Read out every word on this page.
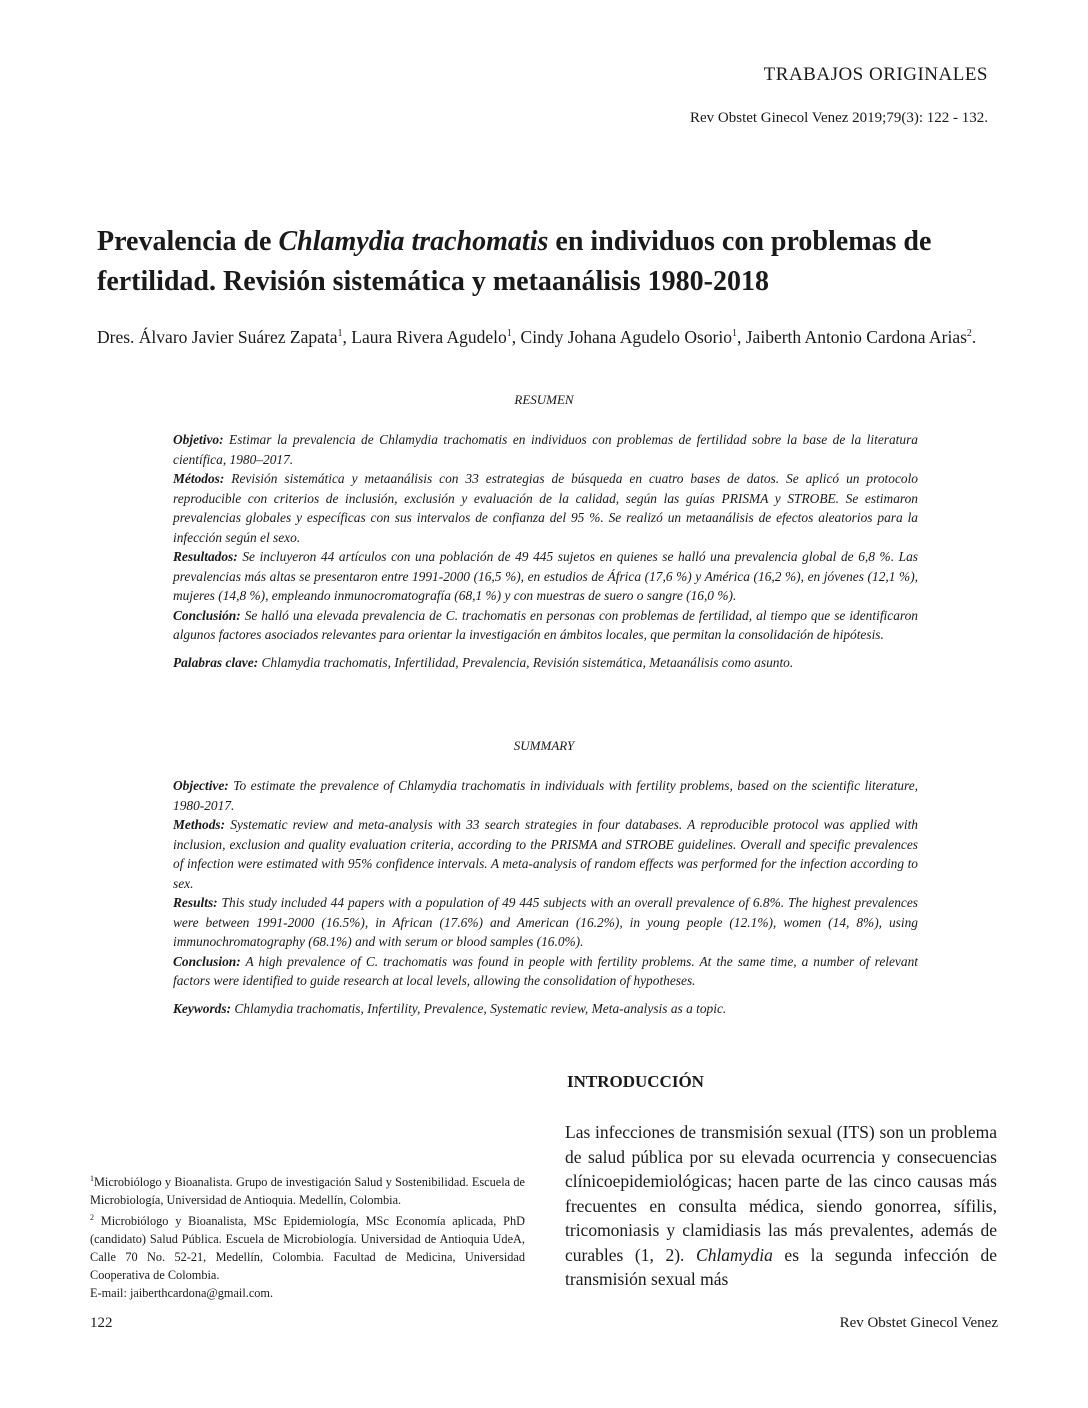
TRABAJOS ORIGINALES
Rev Obstet Ginecol Venez 2019;79(3): 122 - 132.
Prevalencia de Chlamydia trachomatis en individuos con problemas de fertilidad. Revisión sistemática y metaanálisis 1980-2018
Dres. Álvaro Javier Suárez Zapata$^1$, Laura Rivera Agudelo$^1$, Cindy Johana Agudelo Osorio$^1$, Jaiberth Antonio Cardona Arias$^2$.
RESUMEN

Objetivo: Estimar la prevalencia de Chlamydia trachomatis en individuos con problemas de fertilidad sobre la base de la literatura científica, 1980–2017.

Métodos: Revisión sistemática y metaanálisis con 33 estrategias de búsqueda en cuatro bases de datos. Se aplicó un protocolo reproducible con criterios de inclusión, exclusión y evaluación de la calidad, según las guías PRISMA y STROBE. Se estimaron prevalencias globales y específicas con sus intervalos de confianza del 95 %. Se realizó un metaanálisis de efectos aleatorios para la infección según el sexo.

Resultados: Se incluyeron 44 artículos con una población de 49 445 sujetos en quienes se halló una prevalencia global de 6,8 %. Las prevalencias más altas se presentaron entre 1991-2000 (16,5 %), en estudios de África (17,6 %) y América (16,2 %), en jóvenes (12,1 %), mujeres (14,8 %), empleando inmunocromatografía (68,1 %) y con muestras de suero o sangre (16,0 %).

Conclusión: Se halló una elevada prevalencia de C. trachomatis en personas con problemas de fertilidad, al tiempo que se identificaron algunos factores asociados relevantes para orientar la investigación en ámbitos locales, que permitan la consolidación de hipótesis.

Palabras clave: Chlamydia trachomatis, Infertilidad, Prevalencia, Revisión sistemática, Metaanálisis como asunto.

SUMMARY

Objective: To estimate the prevalence of Chlamydia trachomatis in individuals with fertility problems, based on the scientific literature, 1980-2017.

Methods: Systematic review and meta-analysis with 33 search strategies in four databases. A reproducible protocol was applied with inclusion, exclusion and quality evaluation criteria, according to the PRISMA and STROBE guidelines. Overall and specific prevalences of infection were estimated with 95% confidence intervals. A meta-analysis of random effects was performed for the infection according to sex.

Results: This study included 44 papers with a population of 49 445 subjects with an overall prevalence of 6.8%. The highest prevalences were between 1991-2000 (16.5%), in African (17.6%) and American (16.2%), in young people (12.1%), women (14, 8%), using immunochromatography (68.1%) and with serum or blood samples (16.0%).

Conclusion: A high prevalence of C. trachomatis was found in people with fertility problems. At the same time, a number of relevant factors were identified to guide research at local levels, allowing the consolidation of hypotheses.

Keywords: Chlamydia trachomatis, Infertility, Prevalence, Systematic review, Meta-analysis as a topic.

INTRODUCCIÓN
Las infecciones de transmisión sexual (ITS) son un problema de salud pública por su elevada ocurrencia y consecuencias clínicoepidemiológicas; hacen parte de las cinco causas más frecuentes en consulta médica, siendo gonorrea, sífilis, tricomoniasis y clamidiasis las más prevalentes, además de curables (1, 2). Chlamydia es la segunda infección de transmisión sexual más

$^1$Microbiólogo y Bioanalista. Grupo de investigación Salud y Sostenibilidad. Escuela de Microbiología, Universidad de Antioquia. Medellín, Colombia.

$^2$ Microbiólogo y Bioanalista, MSc Epidemiología, MSc Economía aplicada, PhD (candidato) Salud Pública. Escuela de Microbiología. Universidad de Antioquia UdeA, Calle 70 No. 52-21, Medellín, Colombia. Facultad de Medicina, Universidad Cooperativa de Colombia.

E-mail: jaiberthcardona@gmail.com.

122	Rev Obstet Ginecol Venez
